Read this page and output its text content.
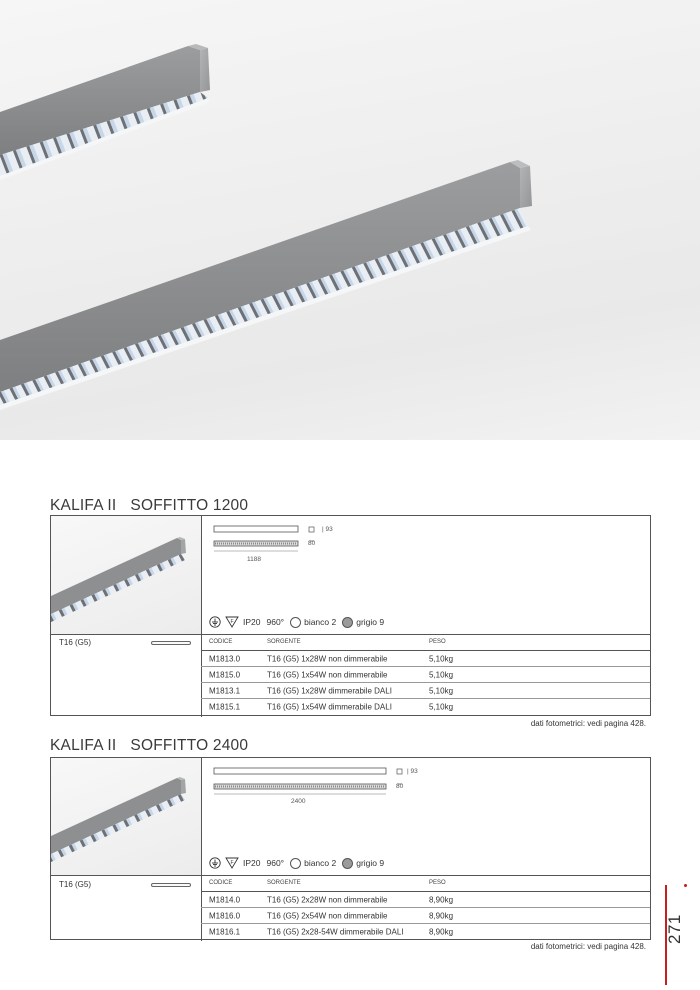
KALIFA II SOFFITTO 1200
| 93
80
1188
F IP20 960° bianco 2 grigio 9
T16 (G5)	CODICE	SORGENTE	PESO
M1813.0	T16 (G5) 1x28W non dimmerabile	5,10kg
M1815.0	T16 (G5) 1x54W non dimmerabile	5,10kg
M1813.1	T16 (G5) 1x28W dimmerabile DALI	5,10kg
M1815.1	T16 (G5) 1x54W dimmerabile DALI	5,10kg
dati fotometrici: vedi pagina 428.
KALIFA II SOFFITTO 2400
| 93
80
2400
F IP20 960° bianco 2 grigio 9
T16 (G5)	CODICE	SORGENTE	PESO
M1814.0	T16 (G5) 2x28W non dimmerabile	8,90kg
M1816.0	T16 (G5) 2x54W non dimmerabile	8,90kg
M1816.1	T16 (G5) 2x28-54W dimmerabile DALI	8,90kg
dati fotometrici: vedi pagina 428.
271
